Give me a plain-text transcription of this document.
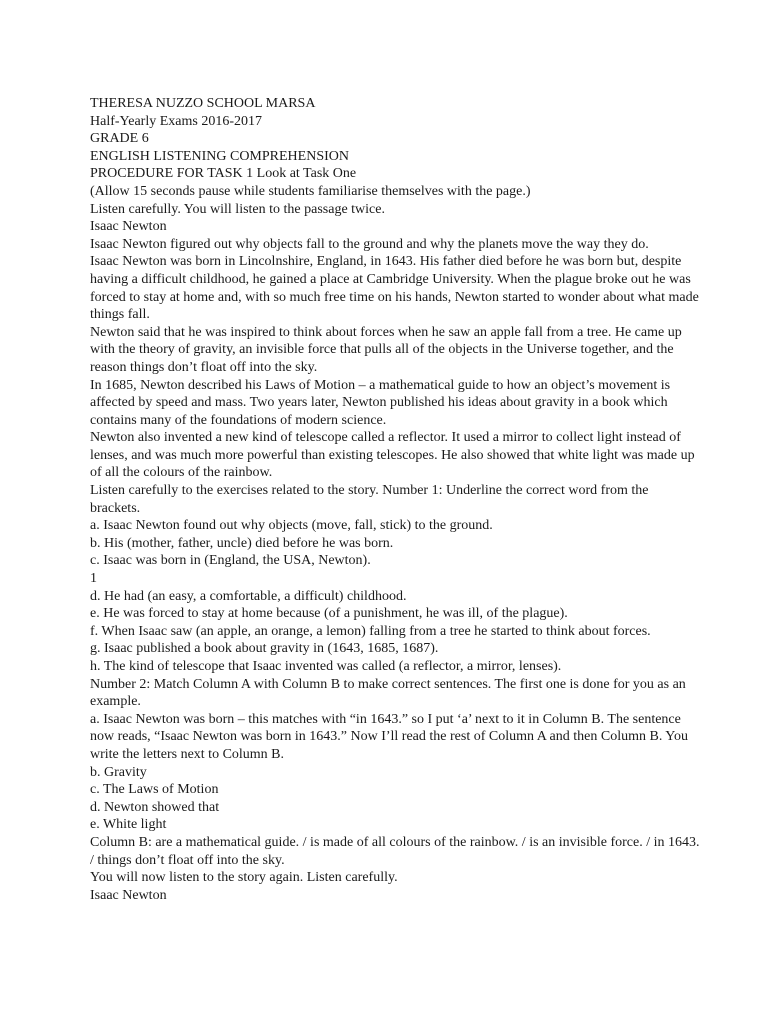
THERESA NUZZO SCHOOL MARSA
Half-Yearly Exams 2016-2017
GRADE 6
ENGLISH LISTENING COMPREHENSION
PROCEDURE FOR TASK 1 Look at Task One
(Allow 15 seconds pause while students familiarise themselves with the page.)
Listen carefully. You will listen to the passage twice.
Isaac Newton
Isaac Newton figured out why objects fall to the ground and why the planets move the way they do.
Isaac Newton was born in Lincolnshire, England, in 1643. His father died before he was born but, despite having a difficult childhood, he gained a place at Cambridge University. When the plague broke out he was forced to stay at home and, with so much free time on his hands, Newton started to wonder about what made things fall.
Newton said that he was inspired to think about forces when he saw an apple fall from a tree. He came up with the theory of gravity, an invisible force that pulls all of the objects in the Universe together, and the reason things don’t float off into the sky.
In 1685, Newton described his Laws of Motion – a mathematical guide to how an object’s movement is affected by speed and mass. Two years later, Newton published his ideas about gravity in a book which contains many of the foundations of modern science.
Newton also invented a new kind of telescope called a reflector. It used a mirror to collect light instead of lenses, and was much more powerful than existing telescopes. He also showed that white light was made up of all the colours of the rainbow.
Listen carefully to the exercises related to the story. Number 1: Underline the correct word from the brackets.
a. Isaac Newton found out why objects (move, fall, stick) to the ground.
b. His (mother, father, uncle) died before he was born.
c. Isaac was born in (England, the USA, Newton).
1
d. He had (an easy, a comfortable, a difficult) childhood.
e. He was forced to stay at home because (of a punishment, he was ill, of the plague).
f. When Isaac saw (an apple, an orange, a lemon) falling from a tree he started to think about forces.
g. Isaac published a book about gravity in (1643, 1685, 1687).
h. The kind of telescope that Isaac invented was called (a reflector, a mirror, lenses).
Number 2: Match Column A with Column B to make correct sentences. The first one is done for you as an example.
a. Isaac Newton was born – this matches with “in 1643.” so I put ‘a’ next to it in Column B. The sentence now reads, “Isaac Newton was born in 1643.” Now I’ll read the rest of Column A and then Column B. You write the letters next to Column B.
b. Gravity
c. The Laws of Motion
d. Newton showed that
e. White light
Column B: are a mathematical guide. / is made of all colours of the rainbow. / is an invisible force. / in 1643. / things don’t float off into the sky.
You will now listen to the story again. Listen carefully.
Isaac Newton
